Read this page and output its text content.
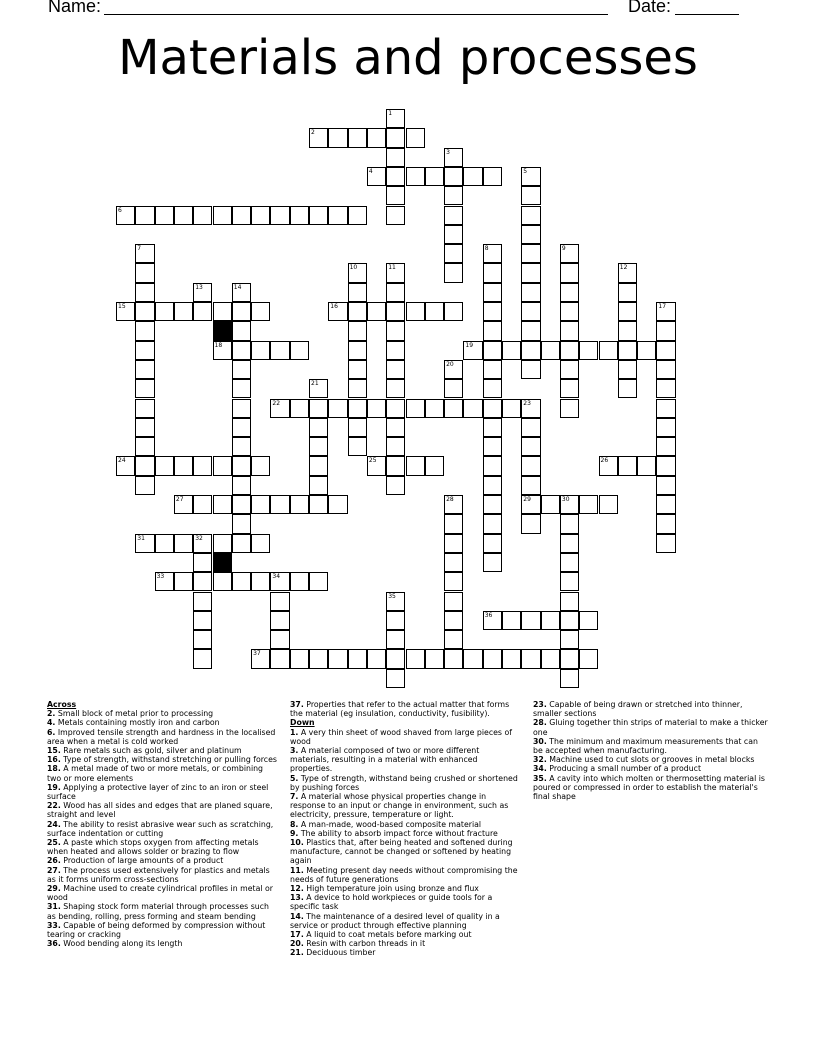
Name:	Date:
Materials and processes
1
2
3
4	5
6
7	8	9
10	11	12
13	14
15	16	17
18	19
20
21
22	23
29
24	25	26
27	28	30
31	32
33	34
35
36
37
Across
2. Small block of metal prior to processing
4. Metals containing mostly iron and carbon
6. Improved tensile strength and hardness in the localised area when a metal is cold worked
15. Rare metals such as gold, silver and platinum
16. Type of strength, withstand stretching or pulling forces
18. A metal made of two or more metals, or combining two or more elements
19. Applying a protective layer of zinc to an iron or steel surface
22. Wood has all sides and edges that are planed square, straight and level
24. The ability to resist abrasive wear such as scratching, surface indentation or cutting
25. A paste which stops oxygen from affecting metals when heated and allows solder or brazing to flow
26. Production of large amounts of a product
27. The process used extensively for plastics and metals as it forms uniform cross-sections
29. Machine used to create cylindrical profiles in metal or wood
31. Shaping stock form material through processes such as bending, rolling, press forming and steam bending
33. Capable of being deformed by compression without tearing or cracking
36. Wood bending along its length
37. Properties that refer to the actual matter that forms the material (eg insulation, conductivity, fusibility).
Down
1. A very thin sheet of wood shaved from large pieces of wood
3. A material composed of two or more different materials, resulting in a material with enhanced properties.
5. Type of strength, withstand being crushed or shortened by pushing forces
7. A material whose physical properties change in response to an input or change in environment, such as electricity, pressure, temperature or light.
8. A man-made, wood-based composite material
9. The ability to absorb impact force without fracture
10. Plastics that, after being heated and softened during manufacture, cannot be changed or softened by heating again
11. Meeting present day needs without compromising the needs of future generations
12. High temperature join using bronze and flux
13. A device to hold workpieces or guide tools for a specific task
14. The maintenance of a desired level of quality in a service or product through effective planning
17. A liquid to coat metals before marking out
20. Resin with carbon threads in it
21. Deciduous timber
23. Capable of being drawn or stretched into thinner, smaller sections
28. Gluing together thin strips of material to make a thicker one
30. The minimum and maximum measurements that can be accepted when manufacturing.
32. Machine used to cut slots or grooves in metal blocks
34. Producing a small number of a product
35. A cavity into which molten or thermosetting material is poured or compressed in order to establish the material's final shape
